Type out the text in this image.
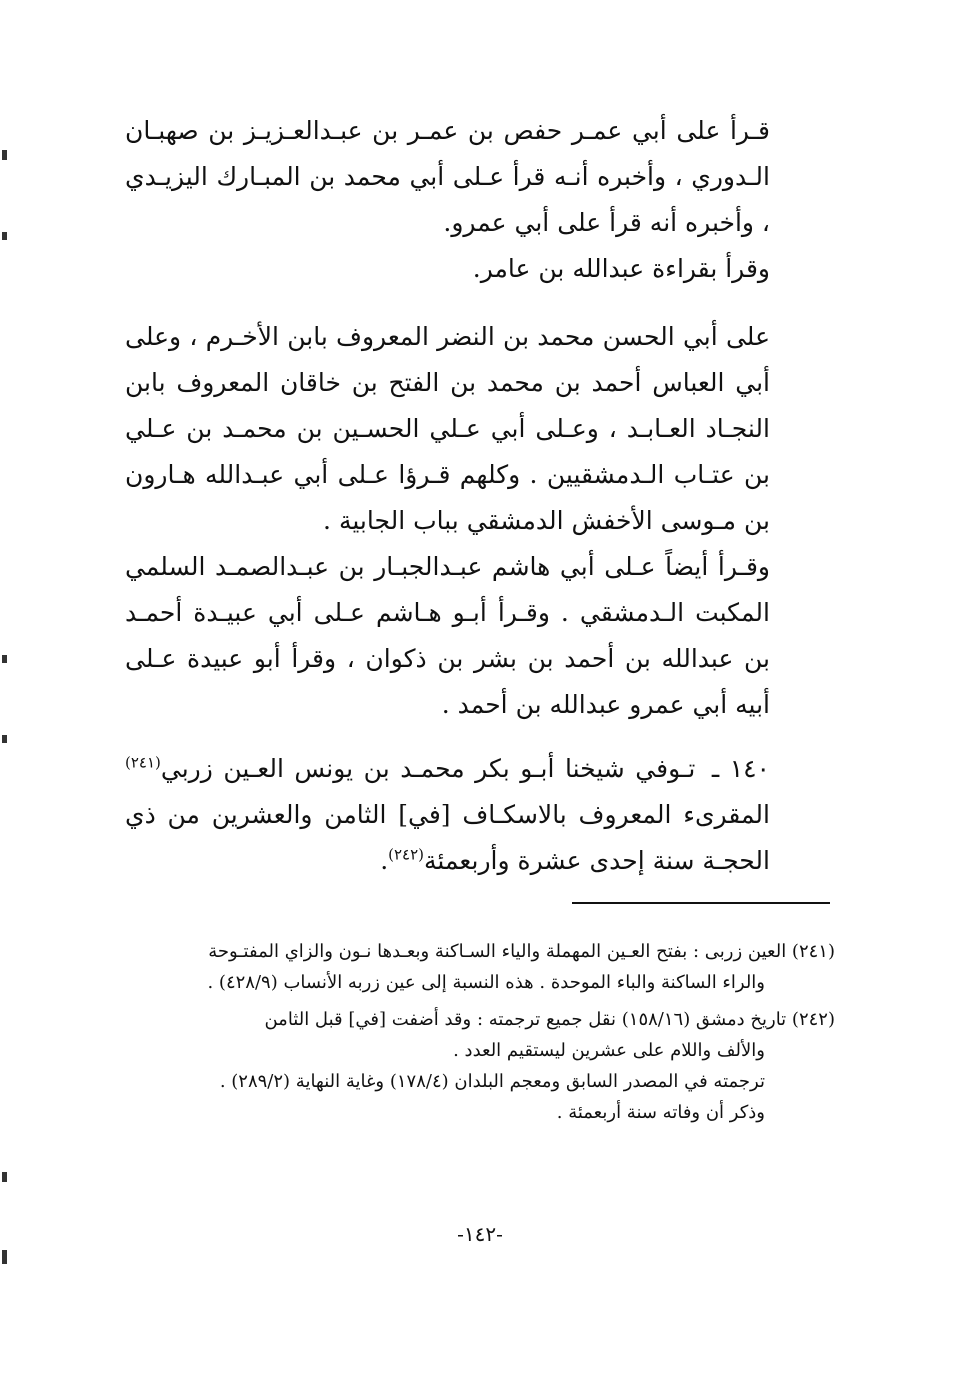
قـرأ على أبي عمـر حفص بن عمـر بن عبـدالعـزيـز بن صهبـان الـدوري ، وأخبره أنـه قرأ عـلى أبي محمد بن المبـارك اليزيـدي ، وأخبره أنه قرأ على أبي عمرو.

وقرأ بقراءة عبدالله بن عامر.

على أبي الحسن محمد بن النضر المعروف بابن الأخـرم ، وعلى أبي العباس أحمد بن محمد بن الفتح بن خاقان المعروف بابن النجـاد العـابـد ، وعـلى أبي عـلي الحسـين بن محمـد بن عـلي بن عتـاب الـدمشقيين . وكلهم قـرؤا عـلى أبي عبـدالله هـارون بن مـوسى الأخفش الدمشقي بباب الجابية .

وقـرأ أيضاً عـلى أبي هاشم عبـدالجبـار بن عبـدالصمـد السلمي المكبت الـدمشقي . وقـرأ أبـو هـاشم عـلى أبي عبيـدة أحمـد بن عبدالله بن أحمد بن بشر بن ذكوان ، وقرأ أبو عبيدة عـلى أبيه أبي عمرو عبدالله بن أحمد .

١٤٠ ـ تـوفي شيخنا أبـو بكر محمـد بن يونس العـين زربي$^{(٢٤١)}$ المقرىء المعروف بالاسكـاف [في] الثامن والعشرين من ذي الحجـة سنة إحدى عشرة وأربعمئة$^{(٢٤٢)}$.

(٢٤١) العين زربى : بفتح العـين المهملة والياء السـاكنة وبعـدها نـون والزاي المفتـوحة
والراء الساكنة والباء الموحدة . هذه النسبة إلى عين زربه الأنساب (٤٢٨/٩) .

(٢٤٢) تاريخ دمشق (١٥٨/١٦) نقل جميع ترجمته : وقد أضفت [في] قبل الثامن
والألف واللام على عشرين ليستقيم العدد .
ترجمته في المصدر السابق ومعجم البلدان (١٧٨/٤) وغاية النهاية (٢٨٩/٢) .
وذكر أن وفاته سنة أربعمئة .

-١٤٢-
